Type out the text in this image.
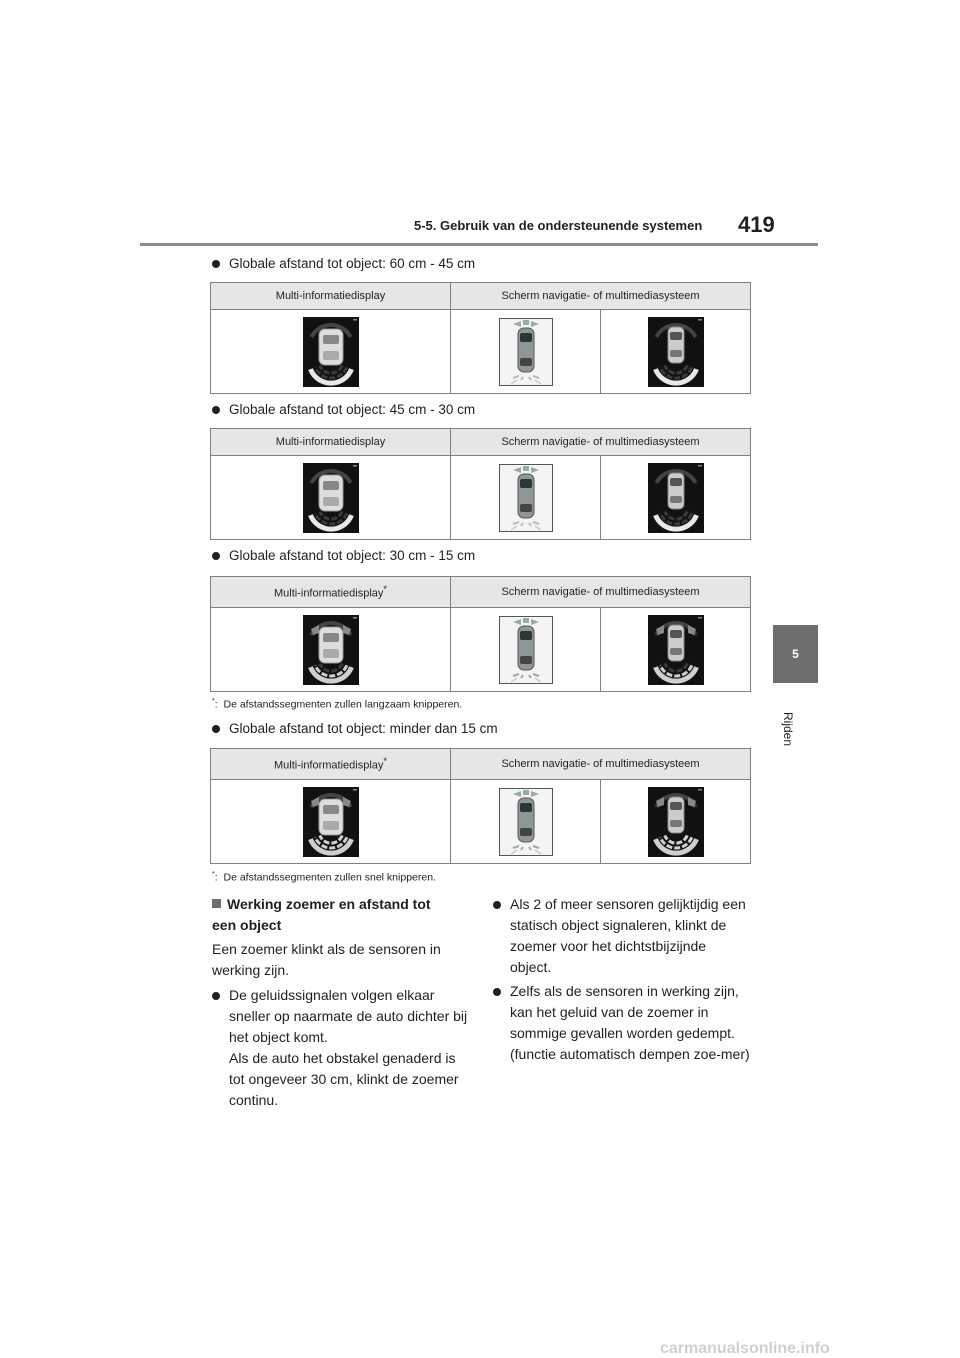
5-5. Gebruik van de ondersteunende systemen 419
5
Rijden
Globale afstand tot object: 60 cm - 45 cm
Multi-informatiedisplay	Scherm navigatie- of multimediasysteem	

Globale afstand tot object: 45 cm - 30 cm
Multi-informatiedisplay	Scherm navigatie- of multimediasysteem	

Globale afstand tot object: 30 cm - 15 cm
Multi-informatiedisplay*	Scherm navigatie- of multimediasysteem	

*: De afstandssegmenten zullen langzaam knipperen.
Globale afstand tot object: minder dan 15 cm
Multi-informatiedisplay*	Scherm navigatie- of multimediasysteem	

*: De afstandssegmenten zullen snel knipperen.
Werking zoemer en afstand tot een object
Een zoemer klinkt als de sensoren in werking zijn.
De geluidssignalen volgen elkaar sneller op naarmate de auto dichter bij het object komt.
Als de auto het obstakel genaderd is tot ongeveer 30 cm, klinkt de zoemer continu.
Als 2 of meer sensoren gelijktijdig een statisch object signaleren, klinkt de zoemer voor het dichtstbijzijnde object.
Zelfs als de sensoren in werking zijn, kan het geluid van de zoemer in sommige gevallen worden gedempt. (functie automatisch dempen zoe-mer)
carmanualsonline.info
